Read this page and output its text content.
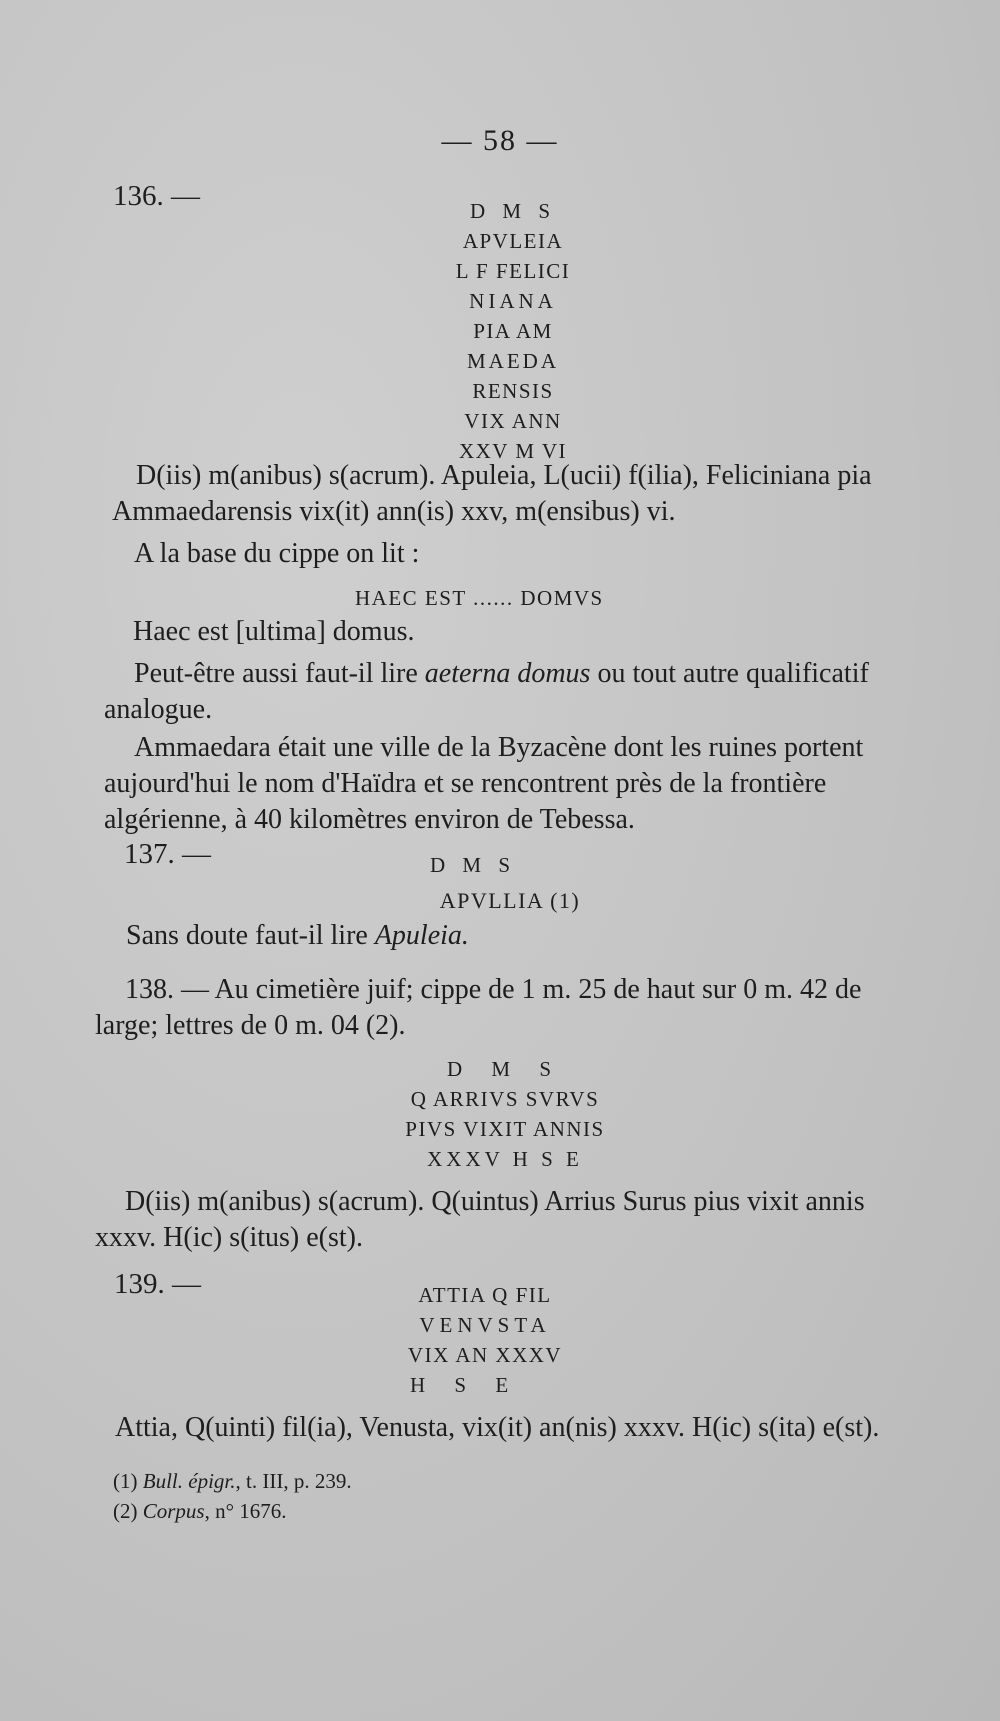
— 58 —
136. —	D M S
APVLEIA
L F FELICI
NIANA
PIA AM
MAEDA
RENSIS
VIX ANN
XXV M VI
D(iis) m(anibus) s(acrum). Apuleia, L(ucii) f(ilia), Feliciniana pia Ammaedarensis vix(it) ann(is) xxv, m(ensibus) vi.
A la base du cippe on lit :
HAEC EST ...... DOMVS
Haec est [ultima] domus.
Peut-être aussi faut-il lire aeterna domus ou tout autre qualificatif analogue.
Ammaedara était une ville de la Byzacène dont les ruines portent aujourd'hui le nom d'Haïdra et se rencontrent près de la frontière algérienne, à 40 kilomètres environ de Tebessa.
137. —	D M S
APVLLIA (1)
Sans doute faut-il lire Apuleia.
138. — Au cimetière juif; cippe de 1 m. 25 de haut sur 0 m. 42 de large; lettres de 0 m. 04 (2).
D M S
Q ARRIVS SVRVS
PIVS VIXIT ANNIS
XXXV H S E
D(iis) m(anibus) s(acrum). Q(uintus) Arrius Surus pius vixit annis xxxv. H(ic) s(itus) e(st).
139. —	ATTIA Q FIL
VENVSTA
VIX AN XXXV
H S E
Attia, Q(uinti) fil(ia), Venusta, vix(it) an(nis) xxxv. H(ic) s(ita) e(st).
(1) Bull. épigr., t. III, p. 239.
(2) Corpus, n° 1676.
